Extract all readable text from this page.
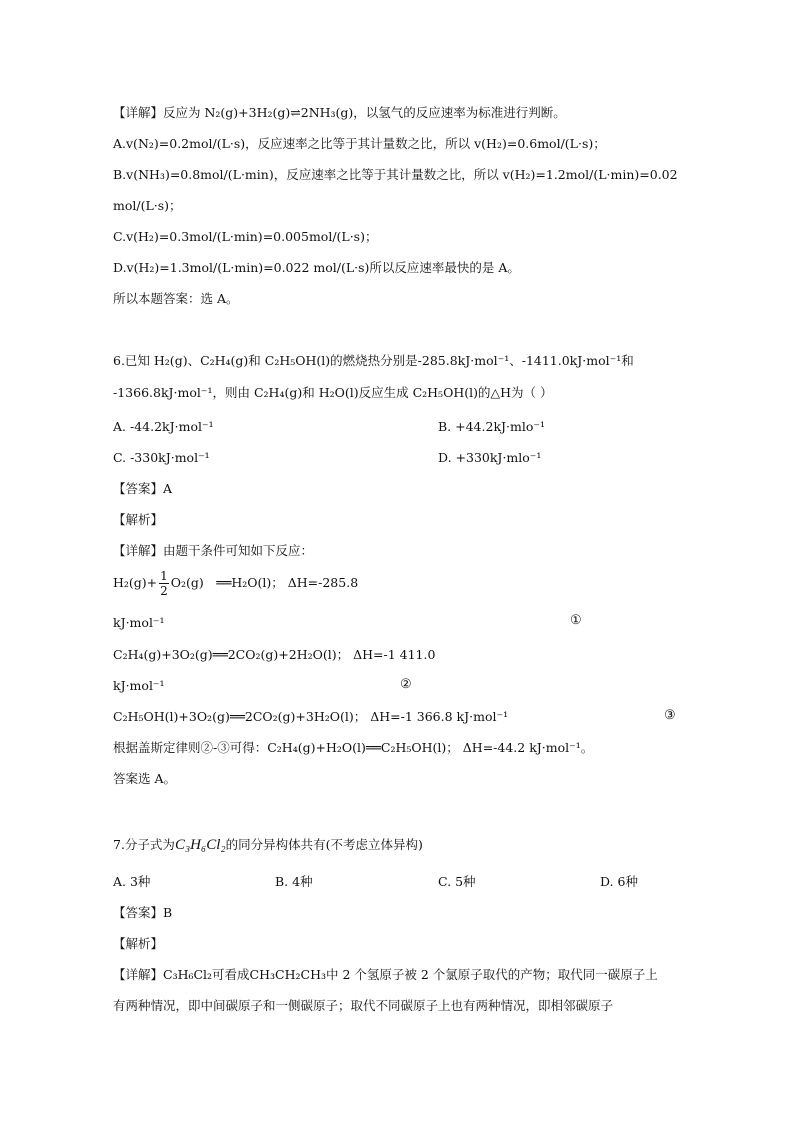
【详解】反应为 N₂(g)+3H₂(g)⇌2NH₃(g)，以氢气的反应速率为标准进行判断。
A.v(N₂)=0.2mol/(L·s)，反应速率之比等于其计量数之比，所以 v(H₂)=0.6mol/(L·s)；
B.v(NH₃)=0.8mol/(L·min)，反应速率之比等于其计量数之比，所以 v(H₂)=1.2mol/(L·min)=0.02
mol/(L·s)；
C.v(H₂)=0.3mol/(L·min)=0.005mol/(L·s)；
D.v(H₂)=1.3mol/(L·min)=0.022 mol/(L·s)所以反应速率最快的是 A。
所以本题答案：选 A。
6.已知 H₂(g)、C₂H₄(g)和 C₂H₅OH(l)的燃烧热分别是-285.8kJ·mol⁻¹、-1411.0kJ·mol⁻¹和
-1366.8kJ·mol⁻¹，则由 C₂H₄(g)和 H₂O(l)反应生成 C₂H₅OH(l)的△H为（ ）
A. -44.2kJ·mol⁻¹	B. +44.2kJ·mlo⁻¹
C. -330kJ·mol⁻¹	D. +330kJ·mlo⁻¹
【答案】A
【解析】
【详解】由题干条件可知如下反应：
$H_2(g)+ \frac{1}{2} O_2(g)$　══H₂O(l)； ΔH=-285.8
kJ·mol⁻¹	①
C₂H₄(g)+3O₂(g)══2CO₂(g)+2H₂O(l)； ΔH=-1 411.0
kJ·mol⁻¹	②
C₂H₅OH(l)+3O₂(g)══2CO₂(g)+3H₂O(l)； ΔH=-1 366.8 kJ·mol⁻¹	③
根据盖斯定律则②-③可得：C₂H₄(g)+H₂O(l)══C₂H₅OH(l)； ΔH=-44.2 kJ·mol⁻¹。
答案选 A。
7.分子式为C₃H₆Cl₂的同分异构体共有(不考虑立体异构)
A. 3种	B. 4种	C. 5种	D. 6种
【答案】B
【解析】
【详解】C₃H₆Cl₂可看成CH₃CH₂CH₃中 2 个氢原子被 2 个氯原子取代的产物；取代同一碳原子上
有两种情况，即中间碳原子和一侧碳原子；取代不同碳原子上也有两种情况，即相邻碳原子
